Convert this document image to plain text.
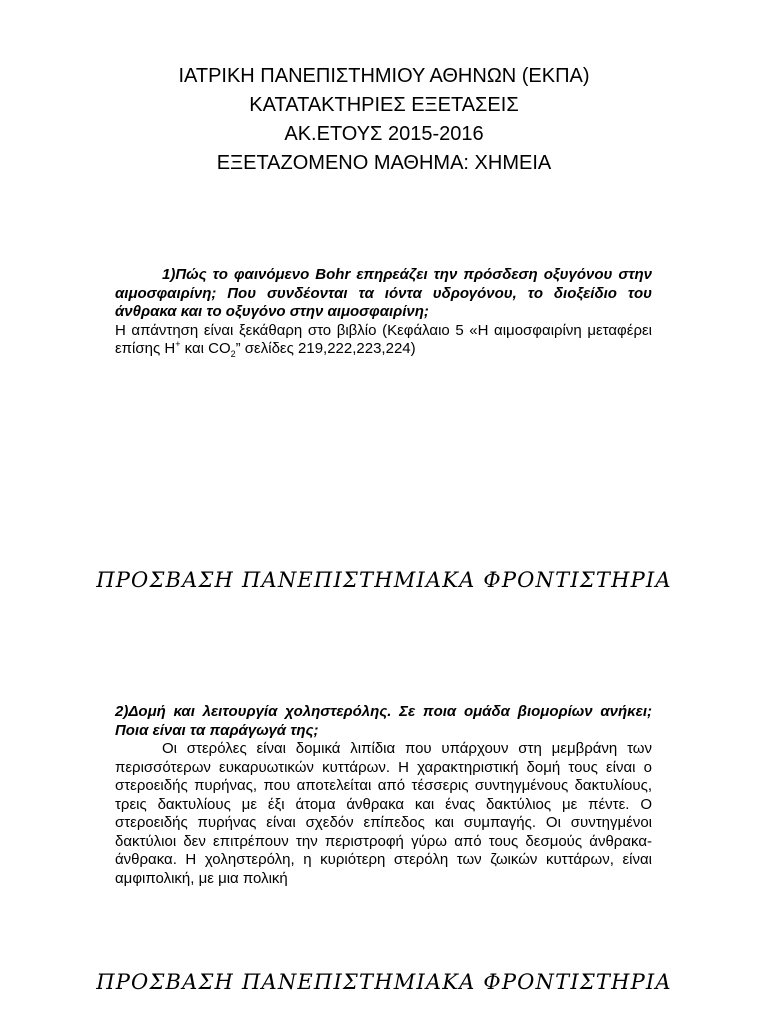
ΙΑΤΡΙΚΗ ΠΑΝΕΠΙΣΤΗΜΙΟΥ ΑΘΗΝΩΝ (ΕΚΠΑ)

ΚΑΤΑΤΑΚΤΗΡΙΕΣ ΕΞΕΤΑΣΕΙΣ

ΑΚ.ΕΤΟΥΣ 2015-2016

ΕΞΕΤΑΖΟΜΕΝΟ ΜΑΘΗΜΑ: ΧΗΜΕΙΑ

1)Πώς το φαινόμενο Bohr επηρεάζει την πρόσδεση οξυγόνου στην αιμοσφαιρίνη; Που συνδέονται τα ιόντα υδρογόνου, το διοξείδιο του άνθρακα και το οξυγόνο στην αιμοσφαιρίνη;

Η απάντηση είναι ξεκάθαρη στο βιβλίο (Κεφάλαιο 5 «Η αιμοσφαιρίνη μεταφέρει επίσης Η+ και $CO_2$” σελίδες 219,222,223,224)

ΠΡΟΣΒΑΣΗ ΠΑΝΕΠΙΣΤΗΜΙΑΚΑ ΦΡΟΝΤΙΣΤΗΡΙΑ

2)Δομή και λειτουργία χοληστερόλης. Σε ποια ομάδα βιομορίων ανήκει; Ποια είναι τα παράγωγά της;

Οι στερόλες είναι δομικά λιπίδια που υπάρχουν στη μεμβράνη των περισσότερων ευκαρυωτικών κυττάρων. Η χαρακτηριστική δομή τους είναι ο στεροειδής πυρήνας, που αποτελείται από τέσσερις συντηγμένους δακτυλίους, τρεις δακτυλίους με έξι άτομα άνθρακα και ένας δακτύλιος με πέντε. Ο στεροειδής πυρήνας είναι σχεδόν επίπεδος και συμπαγής. Οι συντηγμένοι δακτύλιοι δεν επιτρέπουν την περιστροφή γύρω από τους δεσμούς άνθρακα-άνθρακα. Η χοληστερόλη, η κυριότερη στερόλη των ζωικών κυττάρων, είναι αμφιπολική, με μια πολική

ΠΡΟΣΒΑΣΗ ΠΑΝΕΠΙΣΤΗΜΙΑΚΑ ΦΡΟΝΤΙΣΤΗΡΙΑ
